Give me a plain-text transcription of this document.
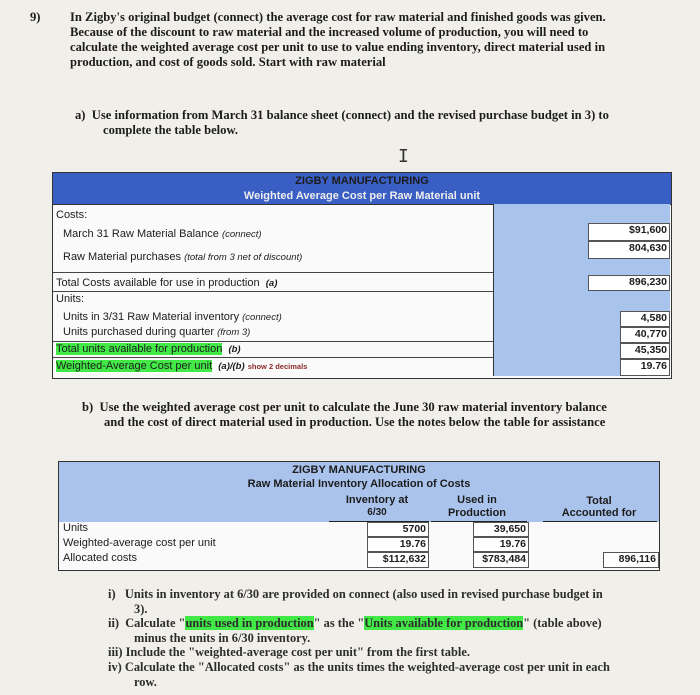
9) In Zigby's original budget (connect) the average cost for raw material and finished goods was given.
Because of the discount to raw material and the increased volume of production, you will need to
calculate the weighted average cost per unit to use to value ending inventory, direct material used in
production, and cost of goods sold. Start with raw material
a) Use information from March 31 balance sheet (connect) and the revised purchase budget in 3) to
complete the table below.
I
ZIGBY MANUFACTURING
Weighted Average Cost per Raw Material unit
Costs:
March 31 Raw Material Balance (connect)
Raw Material purchases (total from 3 net of discount)
Total Costs available for use in production (a)
Units:
Units in 3/31 Raw Material inventory (connect)
Units purchased during quarter (from 3)
Total units available for production (b)
Weighted-Average Cost per unit (a)/(b) show 2 decimals
$91,600
804,630
896,230
4,580
40,770
45,350
19.76
b) Use the weighted average cost per unit to calculate the June 30 raw material inventory balance
and the cost of direct material used in production. Use the notes below the table for assistance
ZIGBY MANUFACTURING
Raw Material Inventory Allocation of Costs
Inventory at
6/30
Used in
Production
Total
Accounted for
Units
Weighted-average cost per unit
Allocated costs
5700
19.76
$112,632
39,650
19.76
$783,484	896,116
i) Units in inventory at 6/30 are provided on connect (also used in revised purchase budget in
3).
ii) Calculate "units used in production" as the "Units available for production" (table above)
minus the units in 6/30 inventory.
iii) Include the "weighted-average cost per unit" from the first table.
iv) Calculate the "Allocated costs" as the units times the weighted-average cost per unit in each
row.
